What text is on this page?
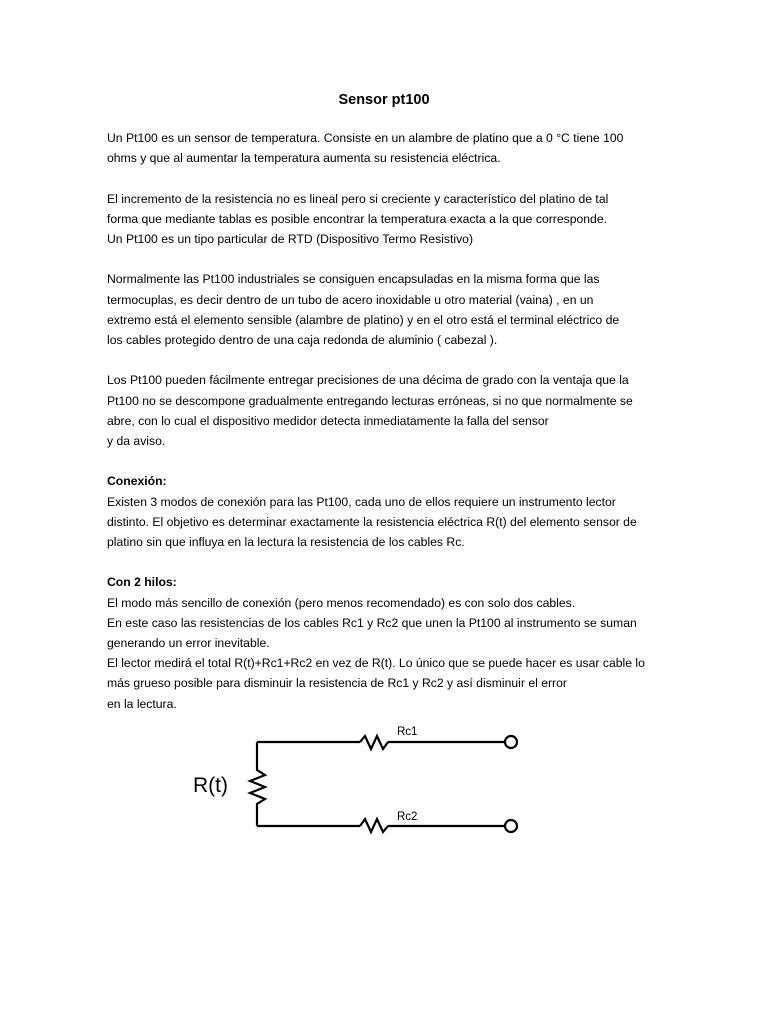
Sensor pt100
Un Pt100 es un sensor de temperatura. Consiste en un alambre de platino que a 0 °C tiene 100
ohms y que al aumentar la temperatura aumenta su resistencia eléctrica.
El incremento de la resistencia no es lineal pero si creciente y característico del platino de tal
forma que mediante tablas es posible encontrar la temperatura exacta a la que corresponde.
Un Pt100 es un tipo particular de RTD (Dispositivo Termo Resistivo)
Normalmente las Pt100 industriales se consiguen encapsuladas en la misma forma que las
termocuplas, es decir dentro de un tubo de acero inoxidable u otro material (vaina) , en un
extremo está el elemento sensible (alambre de platino) y en el otro está el terminal eléctrico de
los cables protegido dentro de una caja redonda de aluminio ( cabezal ).
Los Pt100 pueden fácilmente entregar precisiones de una décima de grado con la ventaja que la
Pt100 no se descompone gradualmente entregando lecturas erróneas, si no que normalmente se
abre, con lo cual el dispositivo medidor detecta inmediatamente la falla del sensor
y da aviso.
Conexión:
Existen 3 modos de conexión para las Pt100, cada uno de ellos requiere un instrumento lector
distinto. El objetivo es determinar exactamente la resistencia eléctrica R(t) del elemento sensor de
platino sin que influya en la lectura la resistencia de los cables Rc.
Con 2 hilos:
El modo más sencillo de conexión (pero menos recomendado) es con solo dos cables.
En este caso las resistencias de los cables Rc1 y Rc2 que unen la Pt100 al instrumento se suman
generando un error inevitable.
El lector medirá el total R(t)+Rc1+Rc2 en vez de R(t). Lo único que se puede hacer es usar cable lo
más grueso posible para disminuir la resistencia de Rc1 y Rc2 y así disminuir el error
en la lectura.
R(t)
Rc1
Rc2
